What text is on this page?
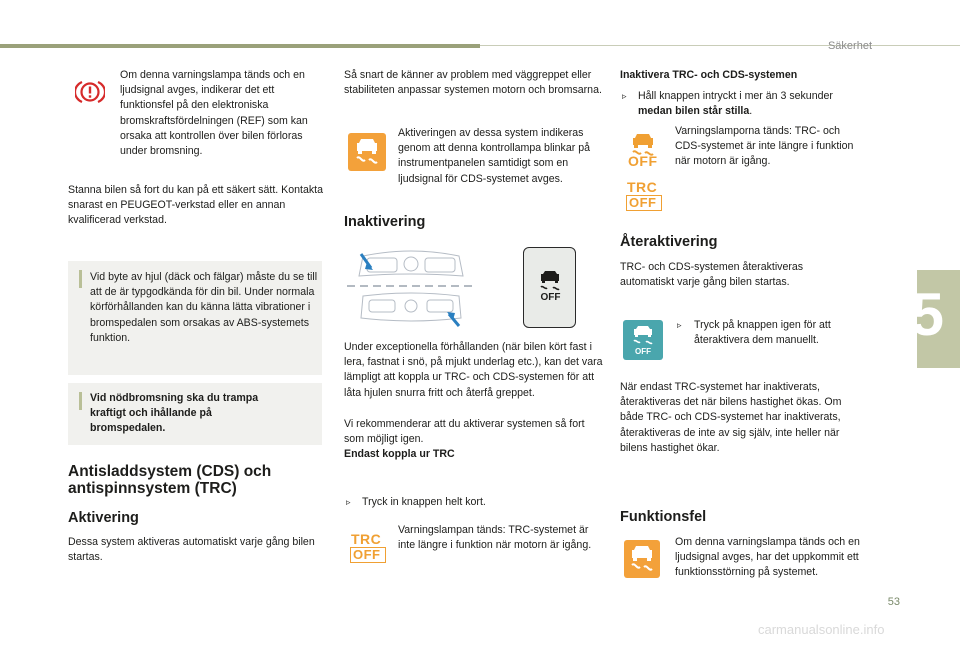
Säkerhet
5
Om denna varningslampa tänds och en ljudsignal avges, indikerar det ett funktionsfel på den elektroniska bromskraftsfördelningen (REF) som kan orsaka att kontrollen över bilen förloras under bromsning.
Stanna bilen så fort du kan på ett säkert sätt. Kontakta snarast en PEUGEOT-verkstad eller en annan kvalificerad verkstad.
Vid byte av hjul (däck och fälgar) måste du se till att de är typgodkända för din bil. Under normala körförhållanden kan du känna lätta vibrationer i bromspedalen som orsakas av ABS-systemets funktion.
Vid nödbromsning ska du trampa kraftigt och ihållande på bromspedalen.
Antisladdsystem (CDS) och antispinnsystem (TRC)
Aktivering
Dessa system aktiveras automatiskt varje gång bilen startas.
Så snart de känner av problem med väggreppet eller stabiliteten anpassar systemen motorn och bromsarna.
Aktiveringen av dessa system indikeras genom att denna kontrollampa blinkar på instrumentpanelen samtidigt som en ljudsignal för CDS-systemet avges.
Inaktivering
OFF
Under exceptionella förhållanden (när bilen kört fast i lera, fastnat i snö, på mjukt underlag etc.), kan det vara lämpligt att koppla ur TRC- och CDS-systemen för att låta hjulen snurra fritt och återfå greppet.
Vi rekommenderar att du aktiverar systemen så fort som möjligt igen.
Endast koppla ur TRC
▹ Tryck in knappen helt kort.
TRC
OFF
Varningslampan tänds: TRC-systemet är inte längre i funktion när motorn är igång.
Inaktivera TRC- och CDS-systemen
▹ Håll knappen intryckt i mer än 3 sekunder medan bilen står stilla.
OFF
Varningslamporna tänds: TRC- och CDS-systemet är inte längre i funktion när motorn är igång.
TRC
OFF
Återaktivering
TRC- och CDS-systemen återaktiveras automatiskt varje gång bilen startas.
OFF
▹ Tryck på knappen igen för att återaktivera dem manuellt.
När endast TRC-systemet har inaktiverats, återaktiveras det när bilens hastighet ökas. Om både TRC- och CDS-systemet har inaktiverats, återaktiveras de inte av sig själv, inte heller när bilens hastighet ökar.
Funktionsfel
Om denna varningslampa tänds och en ljudsignal avges, har det uppkommit ett funktionsstörning på systemet.
53
carmanualsonline.info
